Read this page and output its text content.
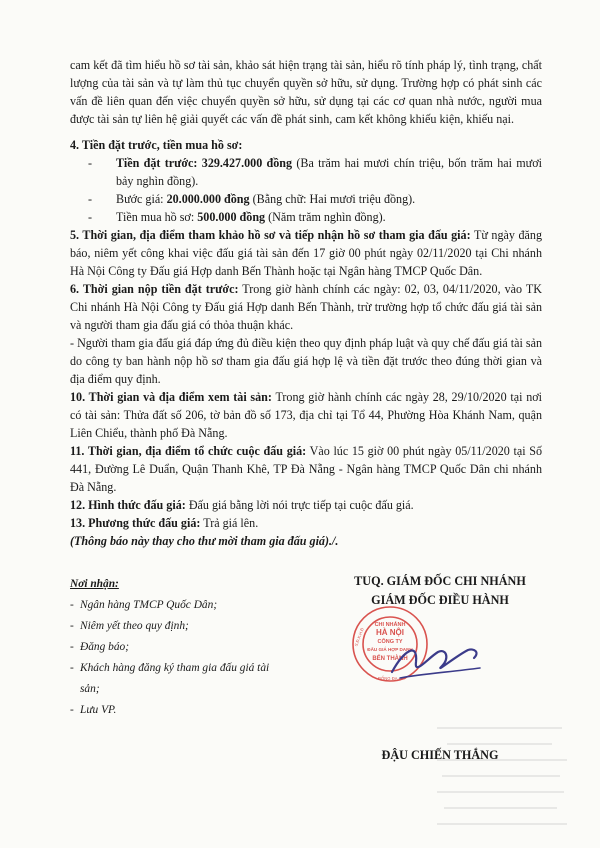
cam kết đã tìm hiểu hồ sơ tài sản, khảo sát hiện trạng tài sản, hiểu rõ tính pháp lý, tình trạng, chất lượng của tài sản và tự làm thủ tục chuyển quyền sở hữu, sử dụng. Trường hợp có phát sinh các vấn đề liên quan đến việc chuyển quyền sở hữu, sử dụng tại các cơ quan nhà nước, người mua được tài sản tự liên hệ giải quyết các vấn đề phát sinh, cam kết không khiếu kiện, khiếu nại.

4. Tiền đặt trước, tiền mua hồ sơ:

-	Tiền đặt trước: 329.427.000 đồng (Ba trăm hai mươi chín triệu, bốn trăm hai mươi bảy nghìn đồng).
-	Bước giá: 20.000.000 đồng (Bằng chữ: Hai mươi triệu đồng).
-	Tiền mua hồ sơ: 500.000 đồng (Năm trăm nghìn đồng).

5. Thời gian, địa điểm tham khảo hồ sơ và tiếp nhận hồ sơ tham gia đấu giá: Từ ngày đăng báo, niêm yết công khai việc đấu giá tài sản đến 17 giờ 00 phút ngày 02/11/2020 tại Chi nhánh Hà Nội Công ty Đấu giá Hợp danh Bến Thành hoặc tại Ngân hàng TMCP Quốc Dân.

6. Thời gian nộp tiền đặt trước: Trong giờ hành chính các ngày: 02, 03, 04/11/2020, vào TK Chi nhánh Hà Nội Công ty Đấu giá Hợp danh Bến Thành, trừ trường hợp tổ chức đấu giá tài sản và người tham gia đấu giá có thỏa thuận khác.

- Người tham gia đấu giá đáp ứng đủ điều kiện theo quy định pháp luật và quy chế đấu giá tài sản do công ty ban hành nộp hồ sơ tham gia đấu giá hợp lệ và tiền đặt trước theo đúng thời gian và địa điểm quy định.

10. Thời gian và địa điểm xem tài sản: Trong giờ hành chính các ngày 28, 29/10/2020 tại nơi có tài sản: Thửa đất số 206, tờ bản đồ số 173, địa chỉ tại Tổ 44, Phường Hòa Khánh Nam, quận Liên Chiểu, thành phố Đà Nẵng.

11. Thời gian, địa điểm tổ chức cuộc đấu giá: Vào lúc 15 giờ 00 phút ngày 05/11/2020 tại Số 441, Đường Lê Duẩn, Quận Thanh Khê, TP Đà Nẵng - Ngân hàng TMCP Quốc Dân chi nhánh Đà Nẵng.

12. Hình thức đấu giá: Đấu giá bằng lời nói trực tiếp tại cuộc đấu giá.

13. Phương thức đấu giá: Trả giá lên.

(Thông báo này thay cho thư mời tham gia đấu giá)./.

Nơi nhận:
- Ngân hàng TMCP Quốc Dân;
- Niêm yết theo quy định;
- Đăng báo;
- Khách hàng đăng ký tham gia đấu giá tài sản;
- Lưu VP.
TUQ. GIÁM ĐỐC CHI NHÁNH
GIÁM ĐỐC ĐIỀU HÀNH
CHI NHÁNH
HÀ NỘI
CÔNG TY
ĐẤU GIÁ HỢP DANH
BẾN THÀNH
S.Đ.K.H.Đ
ĐỐNG ĐA - TP
ĐẬU CHIẾN THẮNG
